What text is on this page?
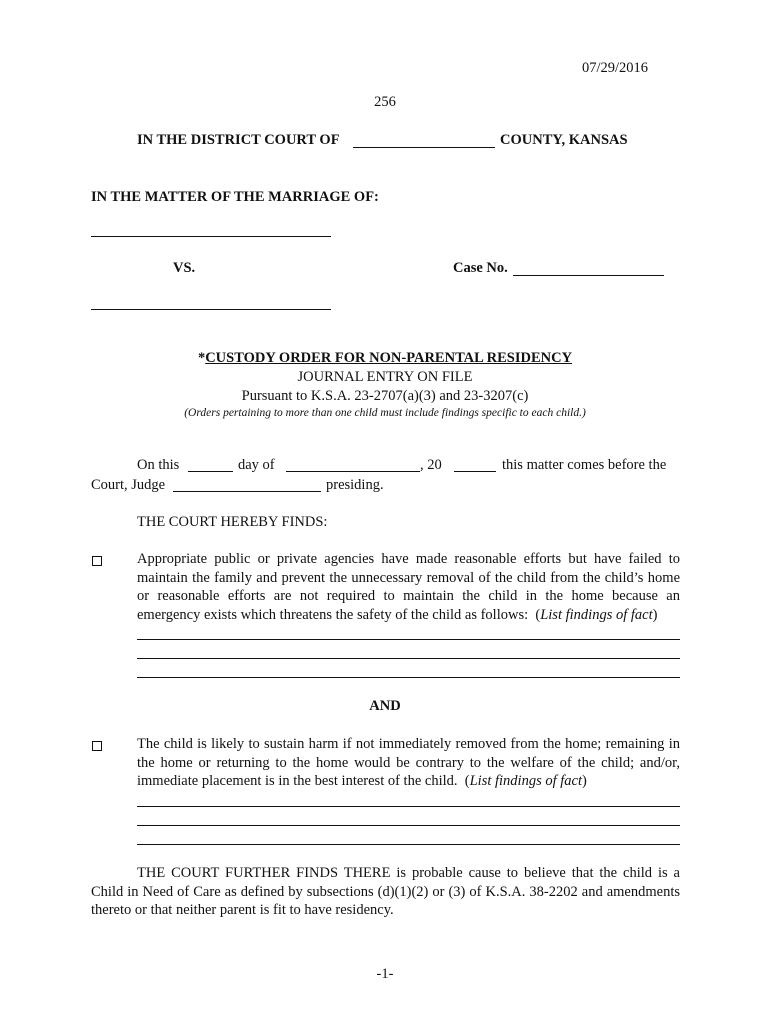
07/29/2016
256
IN THE DISTRICT COURT OF	COUNTY, KANSAS
IN THE MATTER OF THE MARRIAGE OF:
VS.	Case No.
*CUSTODY ORDER FOR NON-PARENTAL RESIDENCY
JOURNAL ENTRY ON FILE
Pursuant to K.S.A. 23-2707(a)(3) and 23-3207(c)
(Orders pertaining to more than one child must include findings specific to each child.)
On this	day of	, 20	this matter comes before the
Court, Judge	presiding.
THE COURT HEREBY FINDS:
Appropriate public or private agencies have made reasonable efforts but have failed to maintain the family and prevent the unnecessary removal of the child from the child’s home or reasonable efforts are not required to maintain the child in the home because an emergency exists which threatens the safety of the child as follows: (List findings of fact)
AND
The child is likely to sustain harm if not immediately removed from the home; remaining in the home or returning to the home would be contrary to the welfare of the child; and/or, immediate placement is in the best interest of the child. (List findings of fact)
THE COURT FURTHER FINDS THERE is probable cause to believe that the child is a Child in Need of Care as defined by subsections (d)(1)(2) or (3) of K.S.A. 38-2202 and amendments thereto or that neither parent is fit to have residency.
-1-
